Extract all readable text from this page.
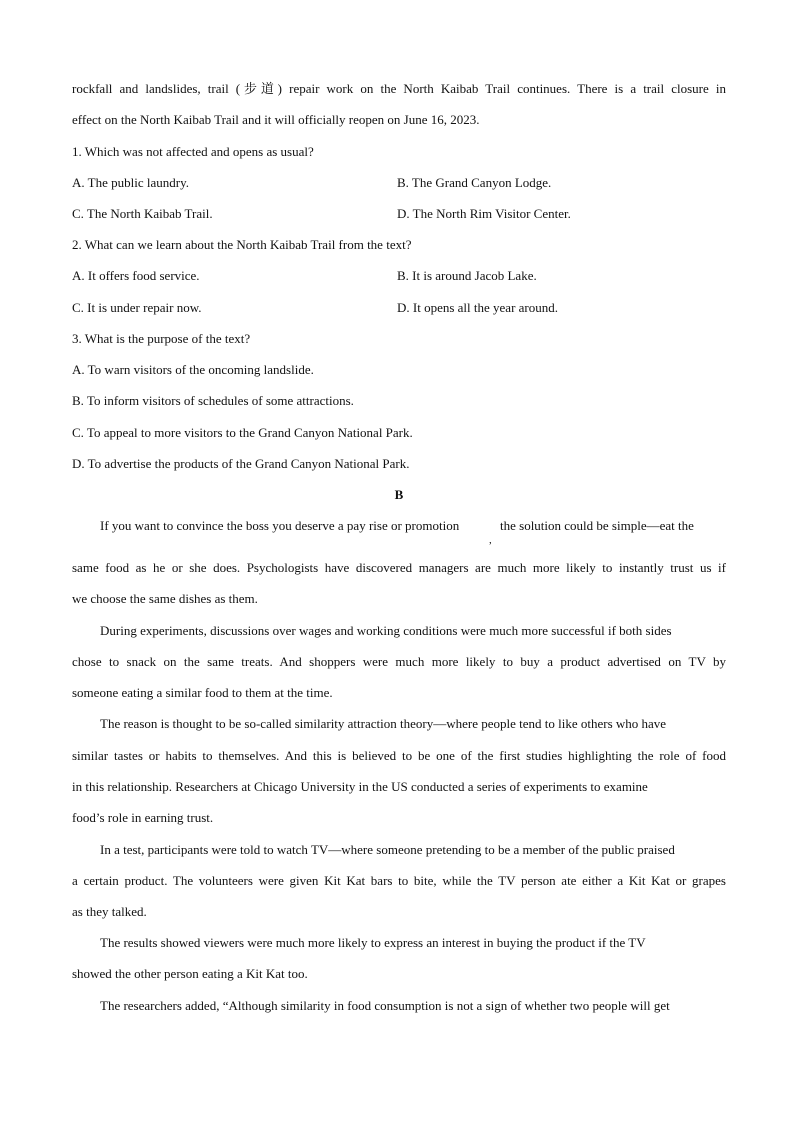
rockfall and landslides, trail (步道) repair work on the North Kaibab Trail continues. There is a trail closure in
effect on the North Kaibab Trail and it will officially reopen on June 16, 2023.
1. Which was not affected and opens as usual?
A. The public laundry.	B. The Grand Canyon Lodge.
C. The North Kaibab Trail.	D. The North Rim Visitor Center.
2. What can we learn about the North Kaibab Trail from the text?
A. It offers food service.	B. It is around Jacob Lake.
C. It is under repair now.	D. It opens all the year around.
3. What is the purpose of the text?
A. To warn visitors of the oncoming landslide.
B. To inform visitors of schedules of some attractions.
C. To appeal to more visitors to the Grand Canyon National Park.
D. To advertise the products of the Grand Canyon National Park.
B
If you want to convince the boss you deserve a pay rise or promotion	the solution could be simple—eat the
,
same food as he or she does. Psychologists have discovered managers are much more likely to instantly trust us if
we choose the same dishes as them.
During experiments, discussions over wages and working conditions were much more successful if both sides
chose to snack on the same treats. And shoppers were much more likely to buy a product advertised on TV by
someone eating a similar food to them at the time.
The reason is thought to be so-called similarity attraction theory—where people tend to like others who have
similar tastes or habits to themselves. And this is believed to be one of the first studies highlighting the role of food
in this relationship. Researchers at Chicago University in the US conducted a series of experiments to examine
food’s role in earning trust.
In a test, participants were told to watch TV—where someone pretending to be a member of the public praised
a certain product. The volunteers were given Kit Kat bars to bite, while the TV person ate either a Kit Kat or grapes
as they talked.
The results showed viewers were much more likely to express an interest in buying the product if the TV
showed the other person eating a Kit Kat too.
The researchers added, “Although similarity in food consumption is not a sign of whether two people will get
